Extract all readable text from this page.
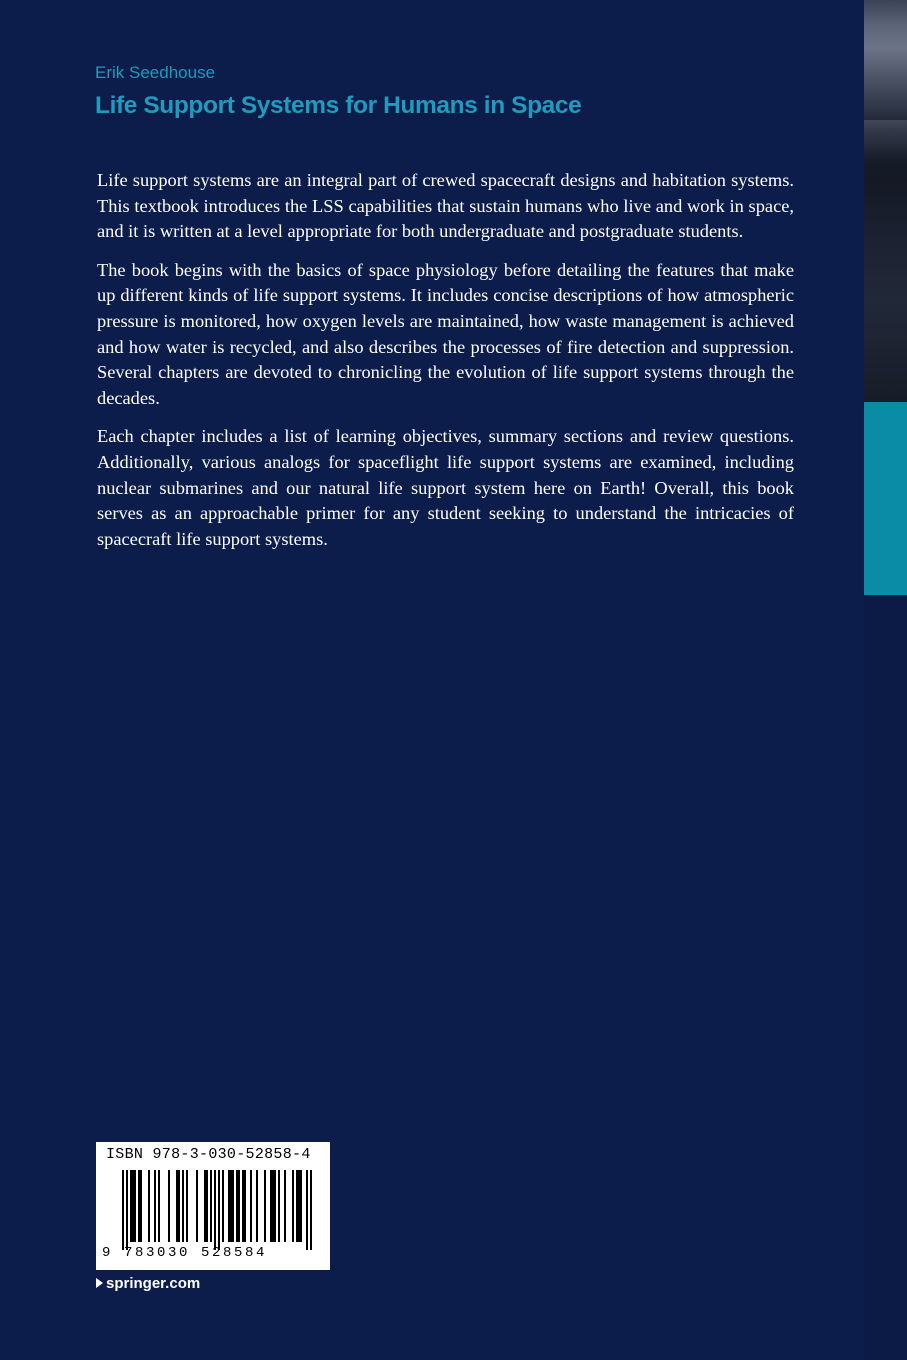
Erik Seedhouse
Life Support Systems for Humans in Space

Life support systems are an integral part of crewed spacecraft designs and habitation systems. This textbook introduces the LSS capabilities that sustain humans who live and work in space, and it is written at a level appropriate for both undergraduate and postgraduate students.

The book begins with the basics of space physiology before detailing the features that make up different kinds of life support systems. It includes concise descriptions of how atmospheric pressure is monitored, how oxygen levels are maintained, how waste management is achieved and how water is recycled, and also describes the processes of fire detection and suppression. Several chapters are devoted to chronicling the evolution of life support systems through the decades.

Each chapter includes a list of learning objectives, summary sections and review questions. Additionally, various analogs for spaceflight life support systems are examined, including nuclear submarines and our natural life support system here on Earth! Overall, this book serves as an approachable primer for any student seeking to understand the intricacies of spacecraft life support systems.

ISBN 978-3-030-52858-4
9 783030 528584
springer.com
